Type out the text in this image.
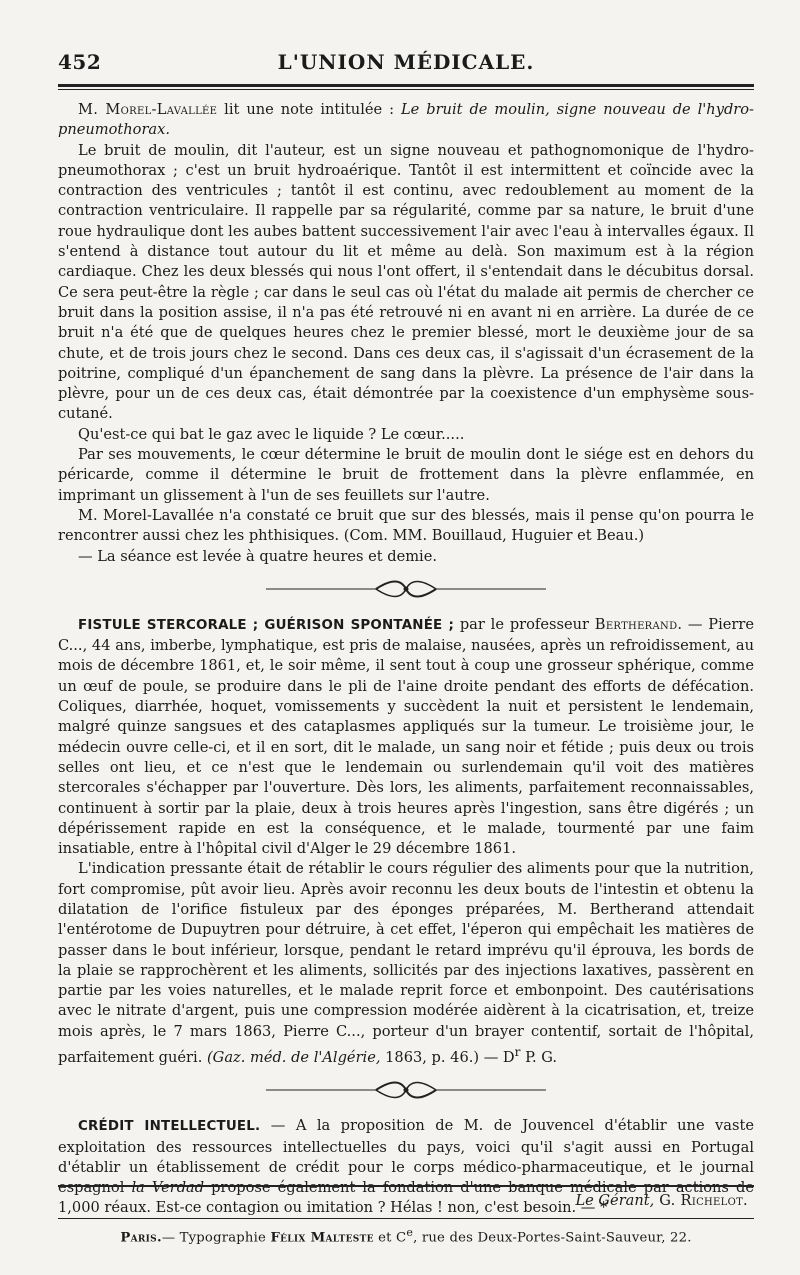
452	L'UNION MÉDICALE.

M. Morel-Lavallée lit une note intitulée : Le bruit de moulin, signe nouveau de l'hydro-pneumothorax.

Le bruit de moulin, dit l'auteur, est un signe nouveau et pathognomonique de l'hydro-pneumothorax ; c'est un bruit hydroaérique. Tantôt il est intermittent et coïncide avec la contraction des ventricules ; tantôt il est continu, avec redoublement au moment de la contraction ventriculaire. Il rappelle par sa régularité, comme par sa nature, le bruit d'une roue hydraulique dont les aubes battent successivement l'air avec l'eau à intervalles égaux. Il s'entend à distance tout autour du lit et même au delà. Son maximum est à la région cardiaque. Chez les deux blessés qui nous l'ont offert, il s'entendait dans le décubitus dorsal. Ce sera peut-être la règle ; car dans le seul cas où l'état du malade ait permis de chercher ce bruit dans la position assise, il n'a pas été retrouvé ni en avant ni en arrière. La durée de ce bruit n'a été que de quelques heures chez le premier blessé, mort le deuxième jour de sa chute, et de trois jours chez le second. Dans ces deux cas, il s'agissait d'un écrasement de la poitrine, compliqué d'un épanchement de sang dans la plèvre. La présence de l'air dans la plèvre, pour un de ces deux cas, était démontrée par la coexistence d'un emphysème sous-cutané.

Qu'est-ce qui bat le gaz avec le liquide ? Le cœur.....

Par ses mouvements, le cœur détermine le bruit de moulin dont le siége est en dehors du péricarde, comme il détermine le bruit de frottement dans la plèvre enflammée, en imprimant un glissement à l'un de ses feuillets sur l'autre.

M. Morel-Lavallée n'a constaté ce bruit que sur des blessés, mais il pense qu'on pourra le rencontrer aussi chez les phthisiques. (Com. MM. Bouillaud, Huguier et Beau.)

— La séance est levée à quatre heures et demie.

FISTULE STERCORALE ; GUÉRISON SPONTANÉE ; par le professeur Bertherand. — Pierre C..., 44 ans, imberbe, lymphatique, est pris de malaise, nausées, après un refroidissement, au mois de décembre 1861, et, le soir même, il sent tout à coup une grosseur sphérique, comme un œuf de poule, se produire dans le pli de l'aine droite pendant des efforts de défécation. Coliques, diarrhée, hoquet, vomissements y succèdent la nuit et persistent le lendemain, malgré quinze sangsues et des cataplasmes appliqués sur la tumeur. Le troisième jour, le médecin ouvre celle-ci, et il en sort, dit le malade, un sang noir et fétide ; puis deux ou trois selles ont lieu, et ce n'est que le lendemain ou surlendemain qu'il voit des matières stercorales s'échapper par l'ouverture. Dès lors, les aliments, parfaitement reconnaissables, continuent à sortir par la plaie, deux à trois heures après l'ingestion, sans être digérés ; un dépérissement rapide en est la conséquence, et le malade, tourmenté par une faim insatiable, entre à l'hôpital civil d'Alger le 29 décembre 1861.

L'indication pressante était de rétablir le cours régulier des aliments pour que la nutrition, fort compromise, pût avoir lieu. Après avoir reconnu les deux bouts de l'intestin et obtenu la dilatation de l'orifice fistuleux par des éponges préparées, M. Bertherand attendait l'entérotome de Dupuytren pour détruire, à cet effet, l'éperon qui empêchait les matières de passer dans le bout inférieur, lorsque, pendant le retard imprévu qu'il éprouva, les bords de la plaie se rapprochèrent et les aliments, sollicités par des injections laxatives, passèrent en partie par les voies naturelles, et le malade reprit force et embonpoint. Des cautérisations avec le nitrate d'argent, puis une compression modérée aidèrent à la cicatrisation, et, treize mois après, le 7 mars 1863, Pierre C..., porteur d'un brayer contentif, sortait de l'hôpital, parfaitement guéri. (Gaz. méd. de l'Algérie, 1863, p. 46.) — $D^r$ P. G.

CRÉDIT INTELLECTUEL. — A la proposition de M. de Jouvencel d'établir une vaste exploitation des ressources intellectuelles du pays, voici qu'il s'agit aussi en Portugal d'établir un établissement de crédit pour le corps médico-pharmaceutique, et le journal espagnol la Verdad propose également la fondation d'une banque médicale par actions de 1,000 réaux. Est-ce contagion ou imitation ? Hélas ! non, c'est besoin. — *

Le Gérant, G. Richelot.
Paris.— Typographie Félix Malteste et Ce, rue des Deux-Portes-Saint-Sauveur, 22.
